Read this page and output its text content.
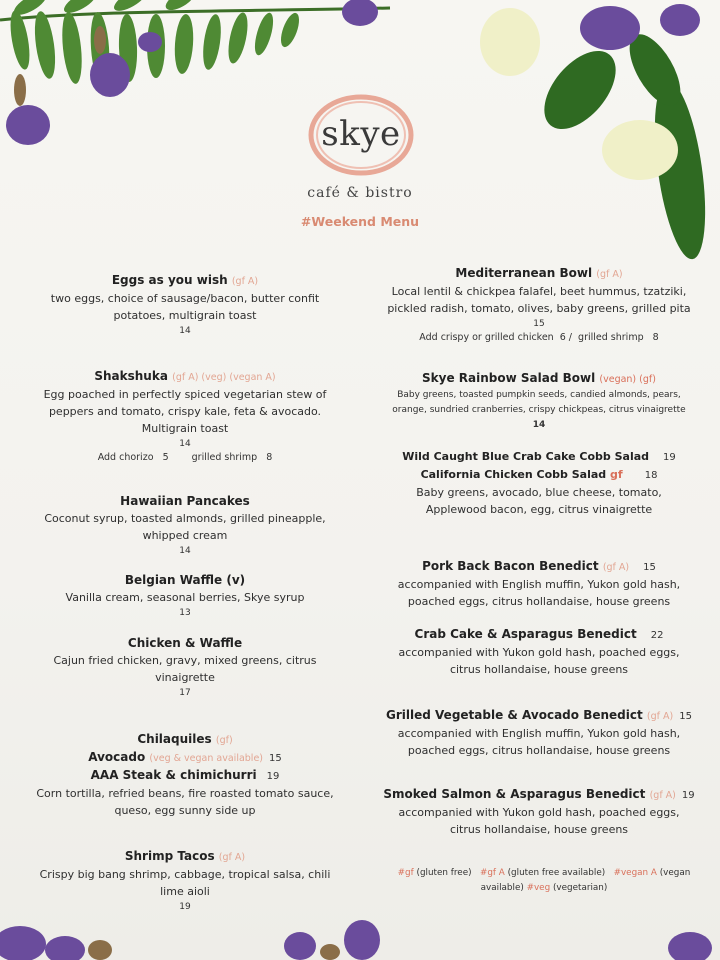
skye
café & bistro
#Weekend Menu
Eggs as you wish (gf A)
two eggs, choice of sausage/bacon, butter confit
potatoes, multigrain toast
14
Shakshuka (gf A) (veg) (vegan A)
Egg poached in perfectly spiced vegetarian stew of
peppers and tomato, crispy kale, feta & avocado.
Multigrain toast
14
Add chorizo 5 grilled shrimp 8
Hawaiian Pancakes
Coconut syrup, toasted almonds, grilled pineapple,
whipped cream
14
Belgian Waffle (v)
Vanilla cream, seasonal berries, Skye syrup
13
Chicken & Waffle
Cajun fried chicken, gravy, mixed greens, citrus
vinaigrette
17
Chilaquiles (gf)
Avocado (veg & vegan available) 15
AAA Steak & chimichurri 19
Corn tortilla, refried beans, fire roasted tomato sauce,
queso, egg sunny side up
Shrimp Tacos (gf A)
Crispy big bang shrimp, cabbage, tropical salsa, chili
lime aioli
19
Mediterranean Bowl (gf A)
Local lentil & chickpea falafel, beet hummus, tzatziki,
pickled radish, tomato, olives, baby greens, grilled pita
15
Add crispy or grilled chicken  6 /  grilled shrimp   8
Skye Rainbow Salad Bowl (vegan) (gf)
Baby greens, toasted pumpkin seeds, candied almonds, pears,
orange, sundried cranberries, crispy chickpeas, citrus vinaigrette
14
Wild Caught Blue Crab Cake Cobb Salad 19
California Chicken Cobb Salad gf 18
Baby greens, avocado, blue cheese, tomato,
Applewood bacon, egg, citrus vinaigrette
Pork Back Bacon Benedict (gf A) 15
accompanied with English muffin, Yukon gold hash,
poached eggs, citrus hollandaise, house greens
Crab Cake & Asparagus Benedict 22
accompanied with Yukon gold hash, poached eggs,
citrus hollandaise, house greens
Grilled Vegetable & Avocado Benedict (gf A) 15
accompanied with English muffin, Yukon gold hash,
poached eggs, citrus hollandaise, house greens
Smoked Salmon & Asparagus Benedict (gf A) 19
accompanied with Yukon gold hash, poached eggs,
citrus hollandaise, house greens
#gf (gluten free) #gf A (gluten free available) #vegan A (vegan available) #veg (vegetarian)
